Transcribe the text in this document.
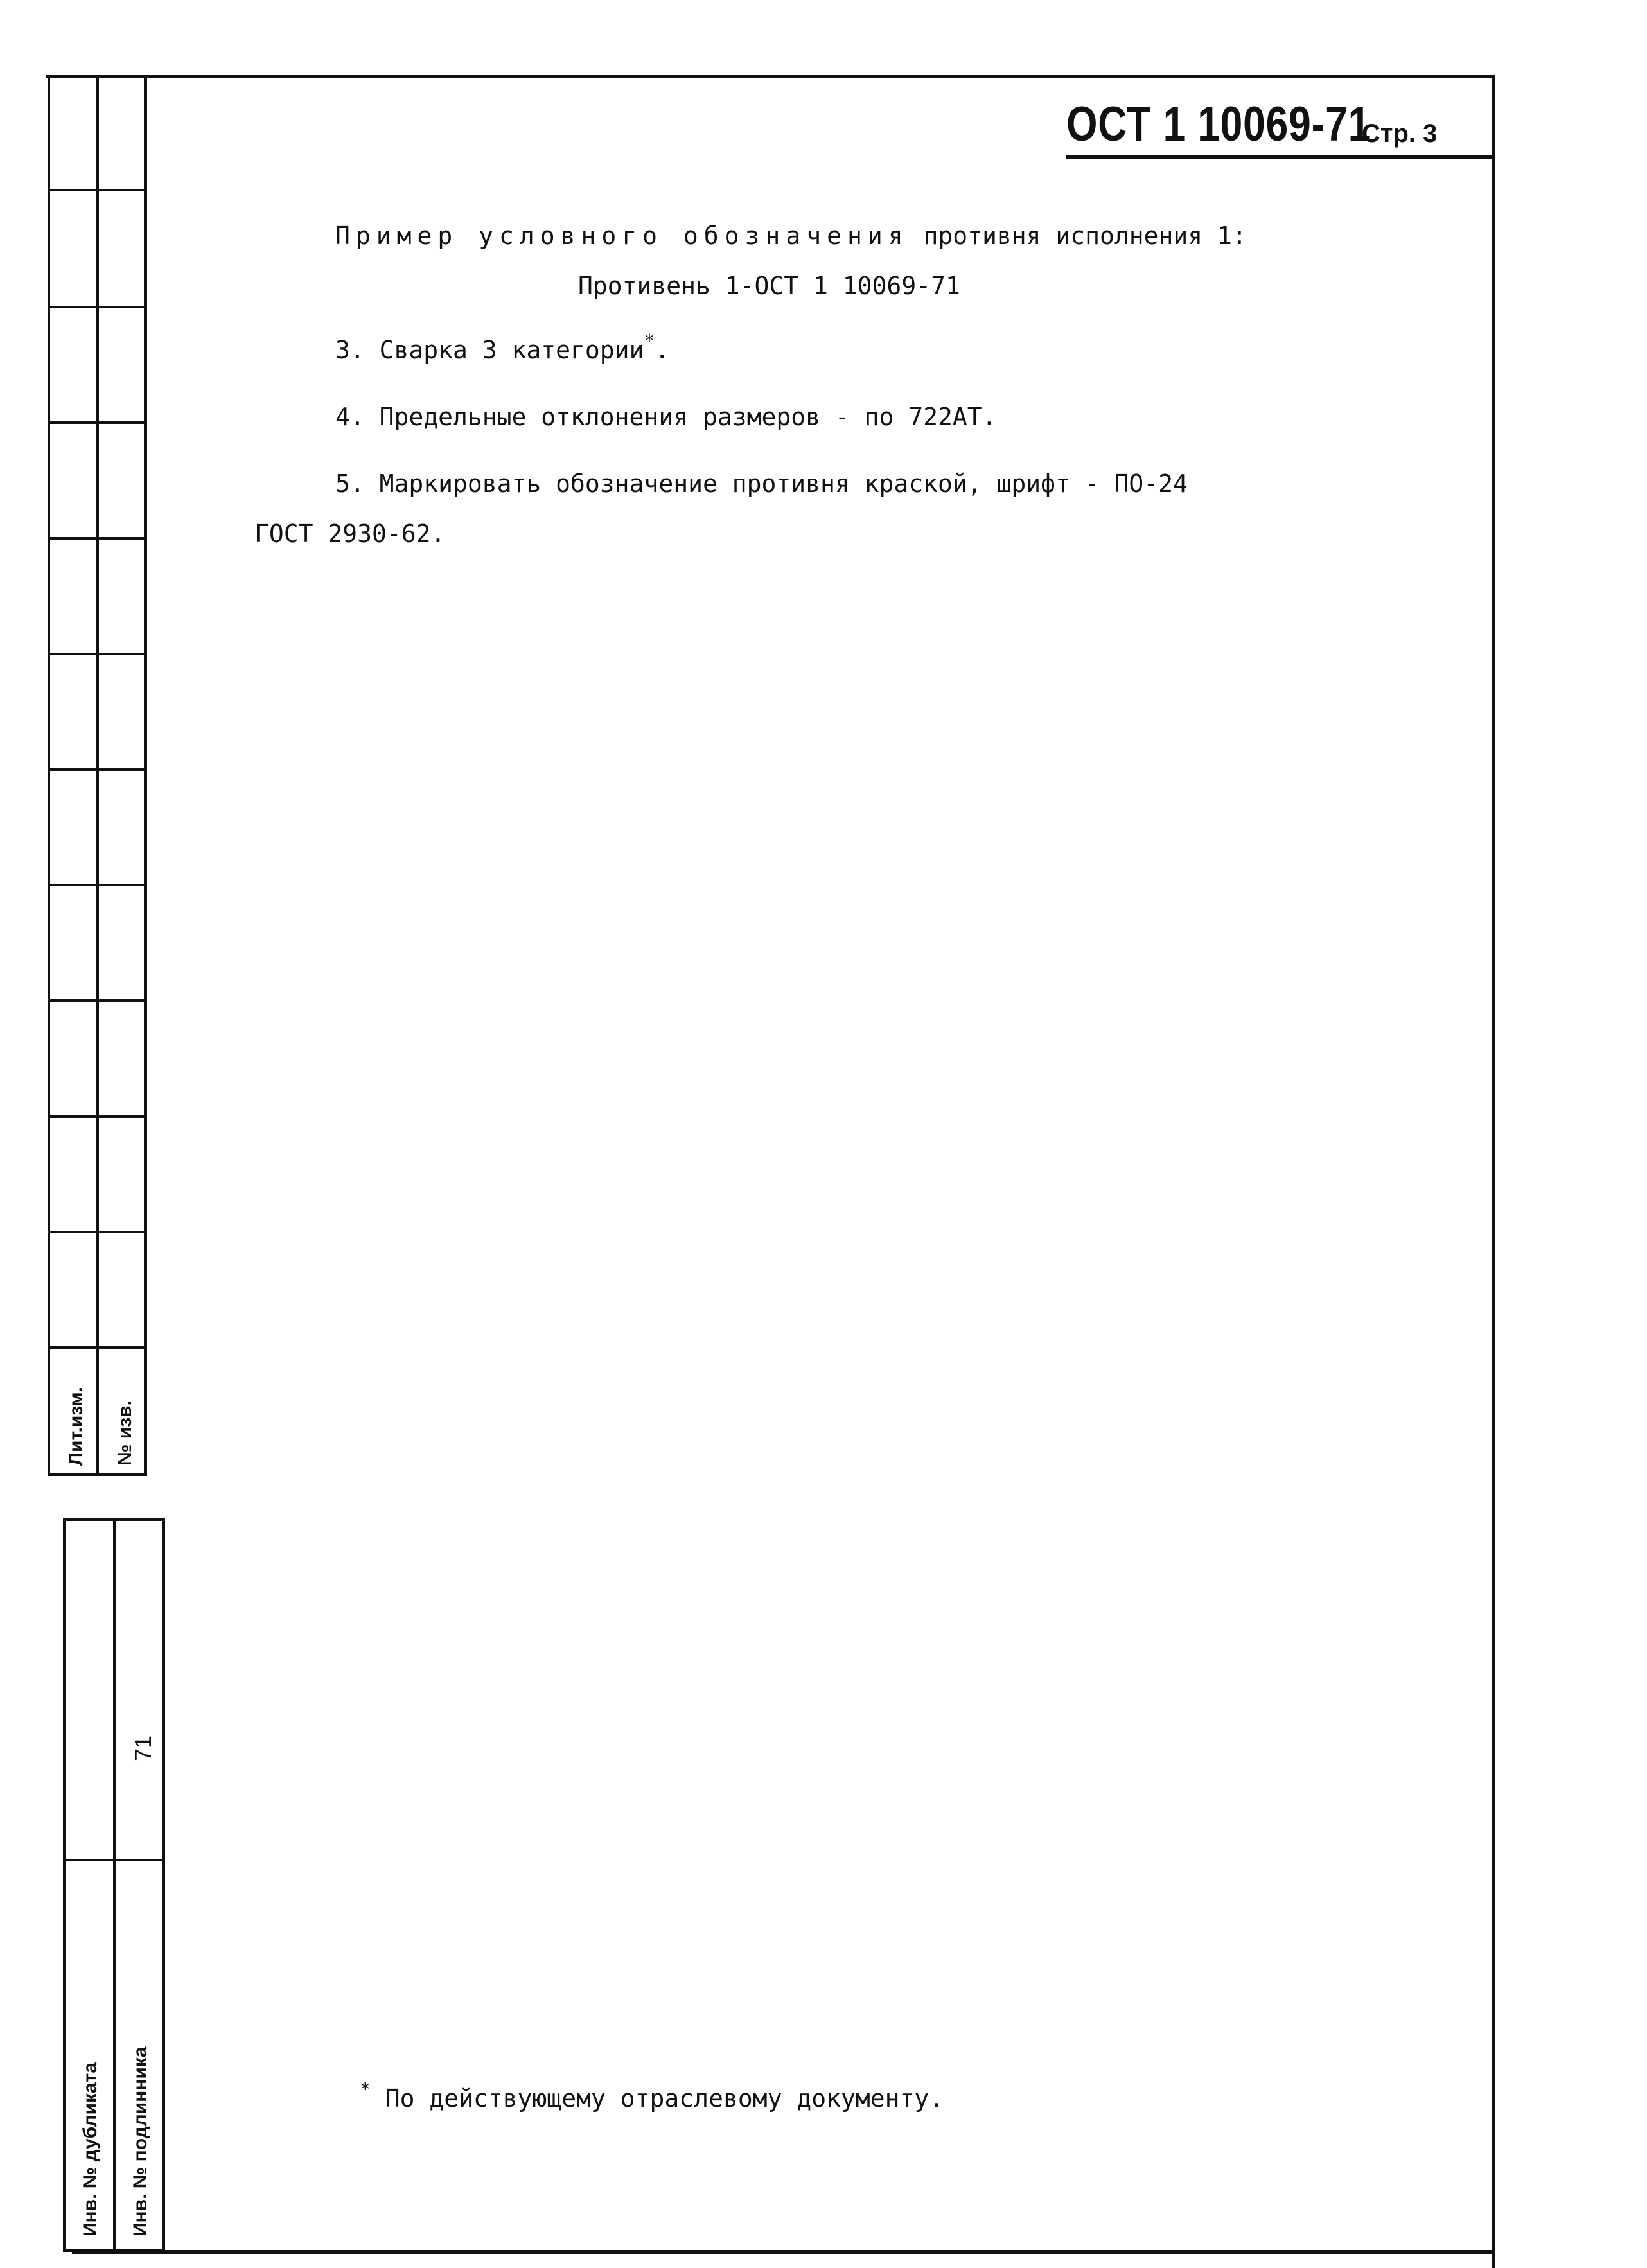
Лит.изм. № изв.
71
Инв. № дубликата Инв. № подлинника
ОСТ 1 10069-71
Стр. 3
Пример условного обозначения противня исполнения 1:
Противень 1-ОСТ 1 10069-71
3. Сварка 3 категории*.
4. Предельные отклонения размеров - по 722АТ.
5. Маркировать обозначение противня краской, шрифт - ПО-24
ГОСТ 2930-62.
* По действующему отраслевому документу.
